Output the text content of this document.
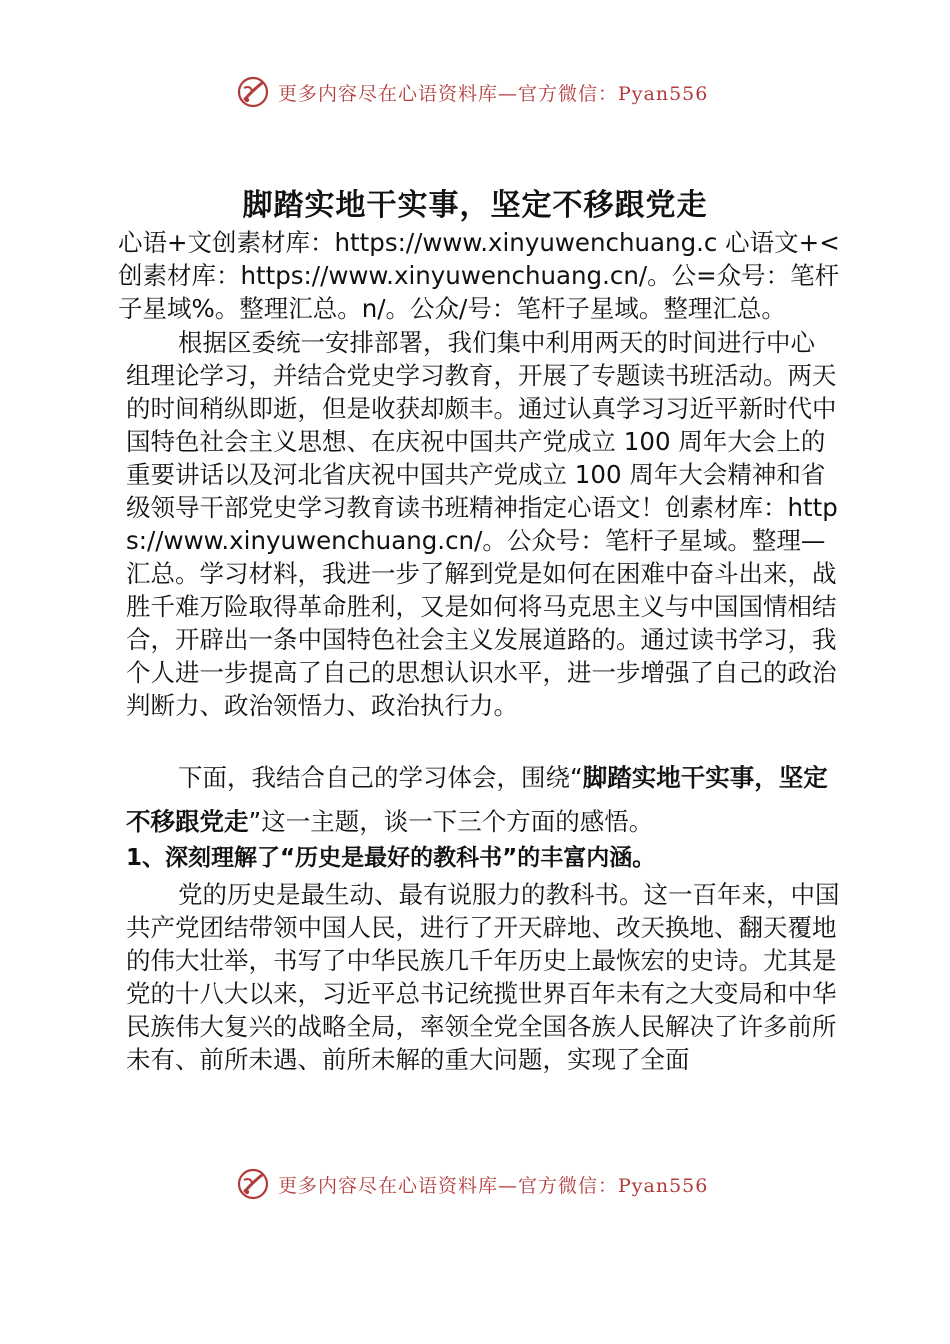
更多内容尽在心语资料库—官方微信：Pyan556
脚踏实地干实事，坚定不移跟党走

心语+文创素材库：https://www.xinyuwenchuang.c 心语文+<创素材库：https://www.xinyuwenchuang.cn/。公=众号：笔杆子星域%。整理汇总。n/。公众/号：笔杆子星域。整理汇总。

根据区委统一安排部署，我们集中利用两天的时间进行中心组理论学习，并结合党史学习教育，开展了专题读书班活动。两天的时间稍纵即逝，但是收获却颇丰。通过认真学习习近平新时代中国特色社会主义思想、在庆祝中国共产党成立 100 周年大会上的重要讲话以及河北省庆祝中国共产党成立 100 周年大会精神和省级领导干部党史学习教育读书班精神指定心语文！创素材库：https://www.xinyuwenchuang.cn/。公众号：笔杆子星域。整理—汇总。学习材料，我进一步了解到党是如何在困难中奋斗出来，战胜千难万险取得革命胜利，又是如何将马克思主义与中国国情相结合，开辟出一条中国特色社会主义发展道路的。通过读书学习，我个人进一步提高了自己的思想认识水平，进一步增强了自己的政治判断力、政治领悟力、政治执行力。

下面，我结合自己的学习体会，围绕“脚踏实地干实事，坚定不移跟党走”这一主题，谈一下三个方面的感悟。

1、深刻理解了“历史是最好的教科书”的丰富内涵。

党的历史是最生动、最有说服力的教科书。这一百年来，中国共产党团结带领中国人民，进行了开天辟地、改天换地、翻天覆地的伟大壮举，书写了中华民族几千年历史上最恢宏的史诗。尤其是党的十八大以来，习近平总书记统揽世界百年未有之大变局和中华民族伟大复兴的战略全局，率领全党全国各族人民解决了许多前所未有、前所未遇、前所未解的重大问题，实现了全面

更多内容尽在心语资料库—官方微信：Pyan556
